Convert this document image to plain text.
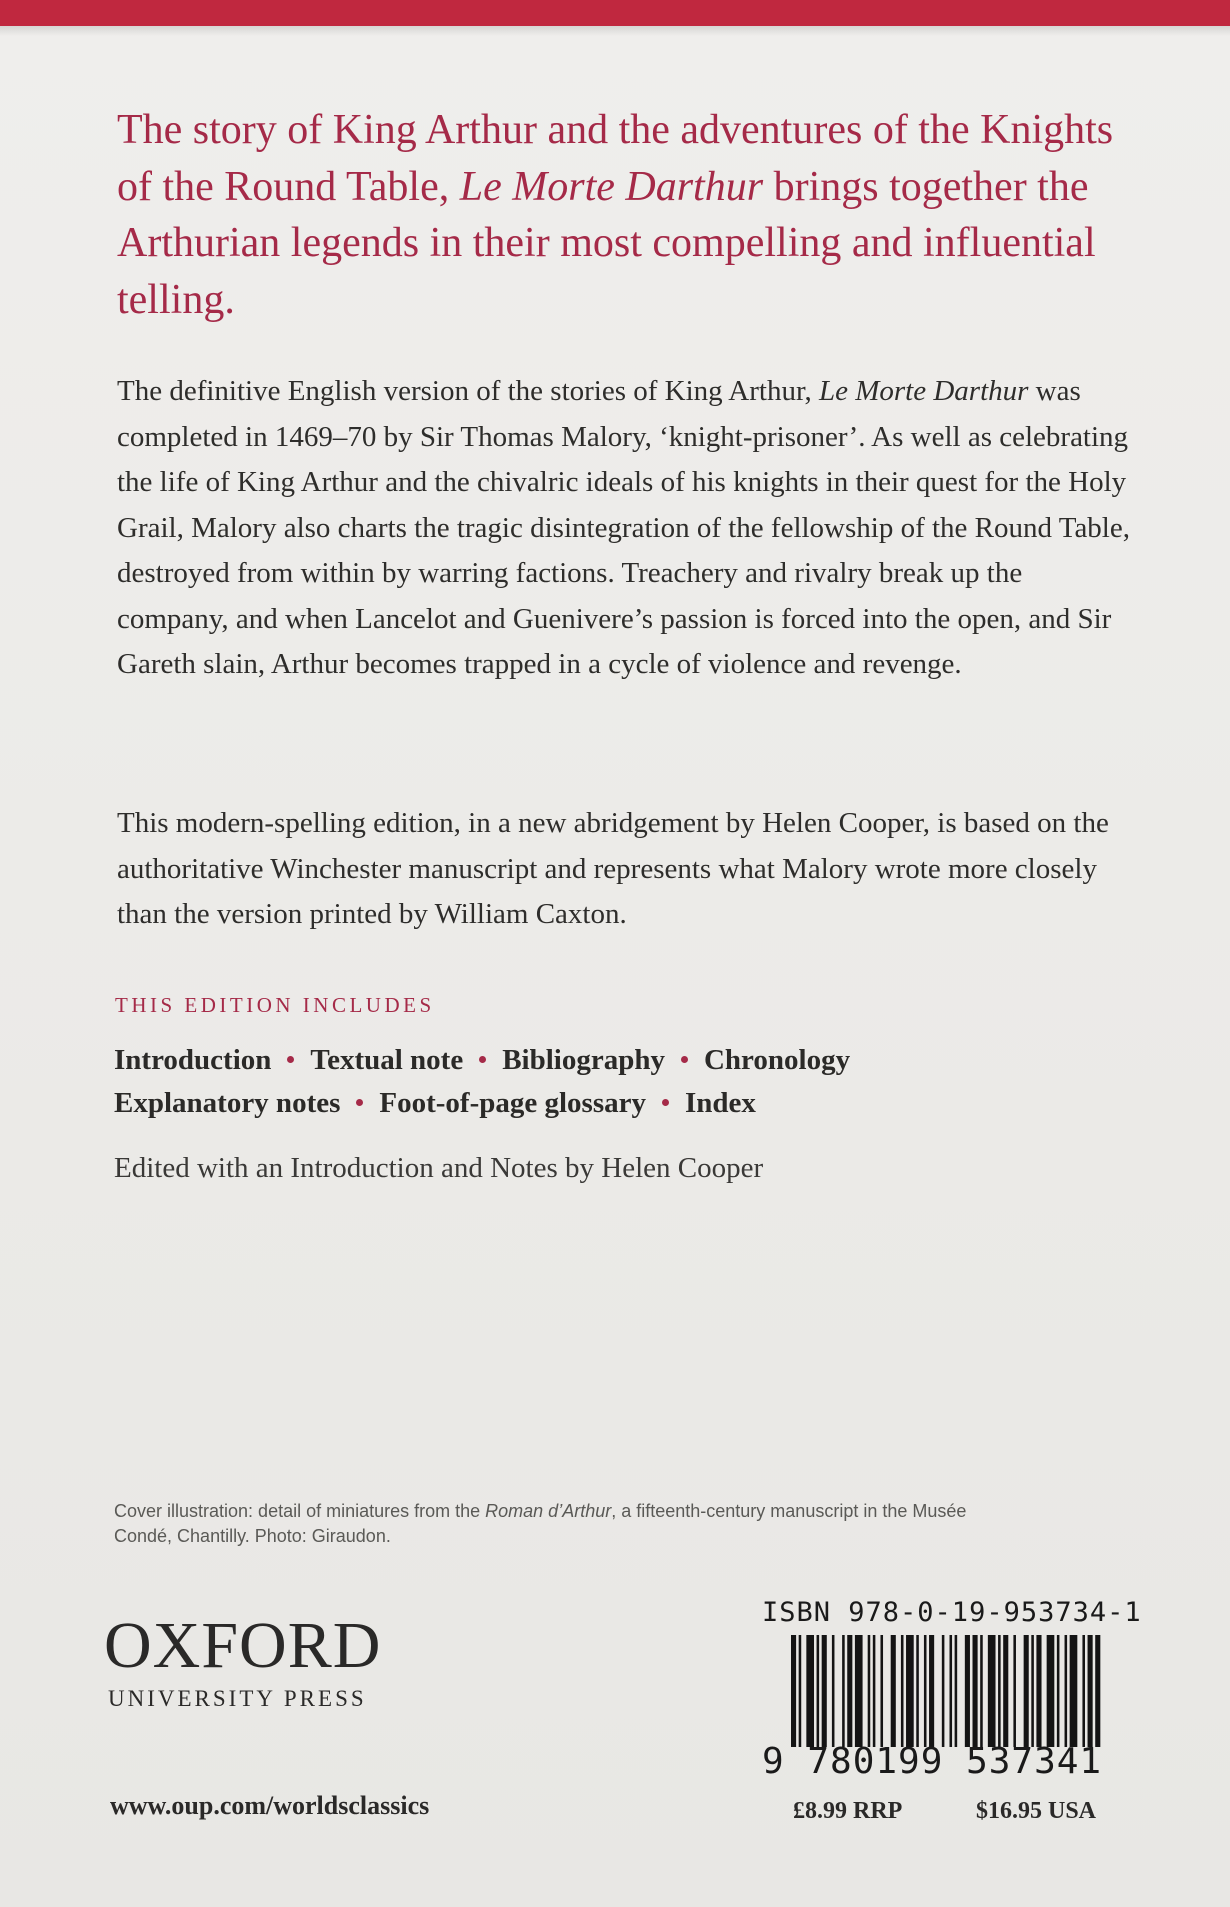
The story of King Arthur and the adventures of the Knights of the Round Table, Le Morte Darthur brings together the Arthurian legends in their most compelling and influential telling.

The definitive English version of the stories of King Arthur, Le Morte Darthur was completed in 1469–70 by Sir Thomas Malory, ‘knight-prisoner’. As well as celebrating the life of King Arthur and the chivalric ideals of his knights in their quest for the Holy Grail, Malory also charts the tragic disintegration of the fellowship of the Round Table, destroyed from within by warring factions. Treachery and rivalry break up the company, and when Lancelot and Guenivere’s passion is forced into the open, and Sir Gareth slain, Arthur becomes trapped in a cycle of violence and revenge.

This modern-spelling edition, in a new abridgement by Helen Cooper, is based on the authoritative Winchester manuscript and represents what Malory wrote more closely than the version printed by William Caxton.

THIS EDITION INCLUDES

Introduction Textual note Bibliography Chronology

Explanatory notes Foot-of-page glossary Index

Edited with an Introduction and Notes by Helen Cooper

Cover illustration: detail of miniatures from the Roman d’Arthur, a fifteenth-century manuscript in the Musée Condé, Chantilly. Photo: Giraudon.

OXFORD
UNIVERSITY PRESS
www.oup.com/worldsclassics
ISBN 978-0-19-953734-1
9 780199 537341
£8.99 RRP	$16.95 USA
